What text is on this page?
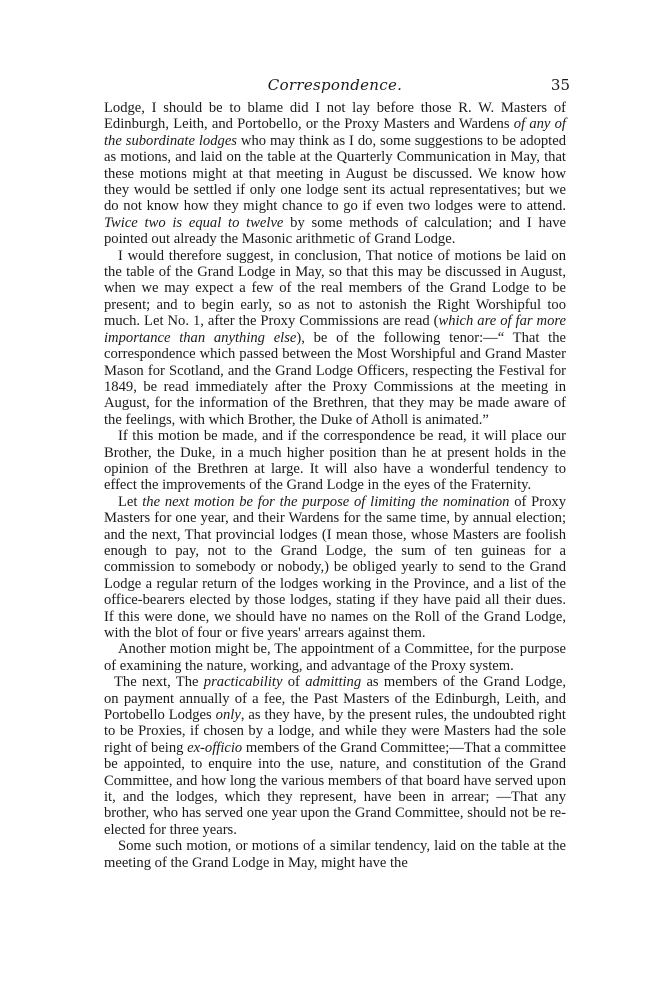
Correspondence.	35

Lodge, I should be to blame did I not lay before those R. W. Masters of Edinburgh, Leith, and Portobello, or the Proxy Masters and Wardens of any of the subordinate lodges who may think as I do, some suggestions to be adopted as motions, and laid on the table at the Quarterly Communication in May, that these motions might at that meeting in August be discussed. We know how they would be settled if only one lodge sent its actual representatives; but we do not know how they might chance to go if even two lodges were to attend. Twice two is equal to twelve by some methods of calculation; and I have pointed out already the Masonic arithmetic of Grand Lodge.

I would therefore suggest, in conclusion, That notice of motions be laid on the table of the Grand Lodge in May, so that this may be discussed in August, when we may expect a few of the real members of the Grand Lodge to be present; and to begin early, so as not to astonish the Right Worshipful too much. Let No. 1, after the Proxy Commissions are read (which are of far more importance than anything else), be of the following tenor:—“ That the correspondence which passed between the Most Worshipful and Grand Master Mason for Scotland, and the Grand Lodge Officers, respecting the Festival for 1849, be read immediately after the Proxy Commissions at the meeting in August, for the information of the Brethren, that they may be made aware of the feelings, with which Brother, the Duke of Atholl is animated.”

If this motion be made, and if the correspondence be read, it will place our Brother, the Duke, in a much higher position than he at present holds in the opinion of the Brethren at large. It will also have a wonderful tendency to effect the improvements of the Grand Lodge in the eyes of the Fraternity.

Let the next motion be for the purpose of limiting the nomination of Proxy Masters for one year, and their Wardens for the same time, by annual election; and the next, That provincial lodges (I mean those, whose Masters are foolish enough to pay, not to the Grand Lodge, the sum of ten guineas for a commission to somebody or nobody,) be obliged yearly to send to the Grand Lodge a regular return of the lodges working in the Province, and a list of the office-bearers elected by those lodges, stating if they have paid all their dues. If this were done, we should have no names on the Roll of the Grand Lodge, with the blot of four or five years' arrears against them.

Another motion might be, The appointment of a Committee, for the purpose of examining the nature, working, and advantage of the Proxy system.

The next, The practicability of admitting as members of the Grand Lodge, on payment annually of a fee, the Past Masters of the Edinburgh, Leith, and Portobello Lodges only, as they have, by the present rules, the undoubted right to be Proxies, if chosen by a lodge, and while they were Masters had the sole right of being ex-officio members of the Grand Committee;—That a committee be appointed, to enquire into the use, nature, and constitution of the Grand Committee, and how long the various members of that board have served upon it, and the lodges, which they represent, have been in arrear; —That any brother, who has served one year upon the Grand Committee, should not be re-elected for three years.

Some such motion, or motions of a similar tendency, laid on the table at the meeting of the Grand Lodge in May, might have the
